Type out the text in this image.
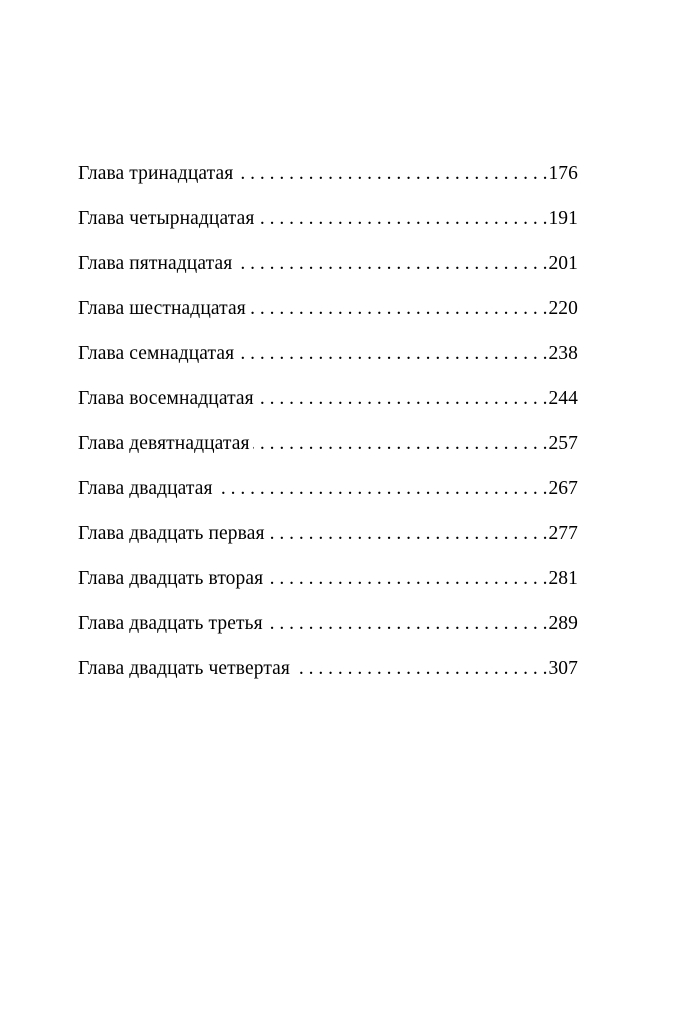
Глава тринадцатая . . .	176
Глава четырнадцатая . . .	191
Глава пятнадцатая . . .	201
Глава шестнадцатая . . .	220
Глава семнадцатая . . .	238
Глава восемнадцатая . . .	244
Глава девятнадцатая . . .	257
Глава двадцатая . . .	267
Глава двадцать первая . . .	277
Глава двадцать вторая . . .	281
Глава двадцать третья . . .	289
Глава двадцать четвертая . . .	307
